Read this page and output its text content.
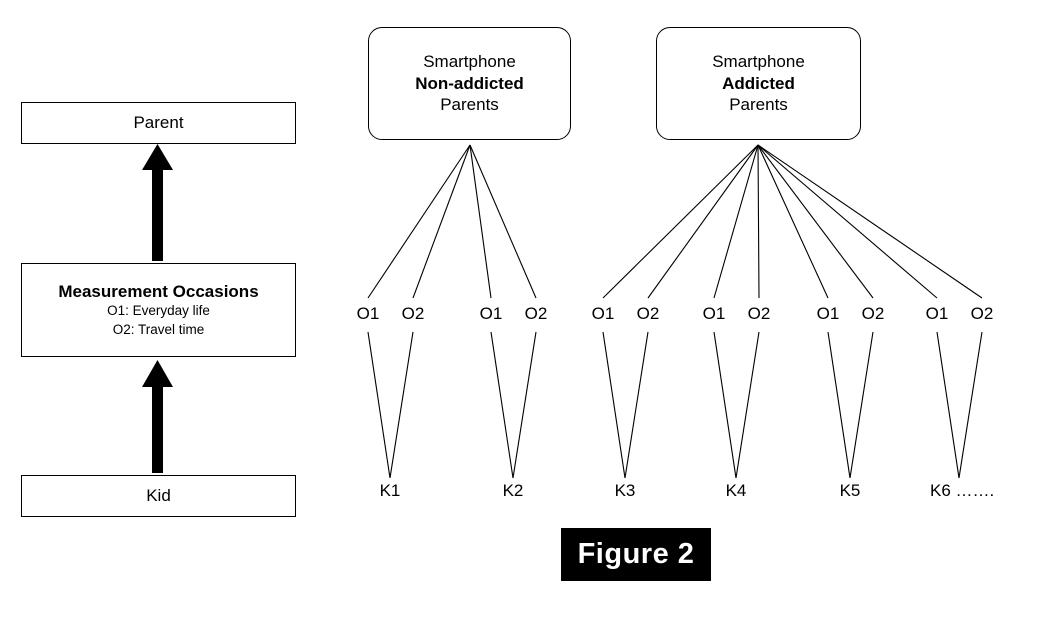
Parent
Measurement Occasions
O1: Everyday life
O2: Travel time
Kid
Smartphone
Non-addicted
Parents
Smartphone
Addicted
Parents
O1	O2	O1	O2	O1	O2	O1	O2	O1	O2	O1	O2
K1	K2	K3	K4	K5	K6 …….
Figure 2
